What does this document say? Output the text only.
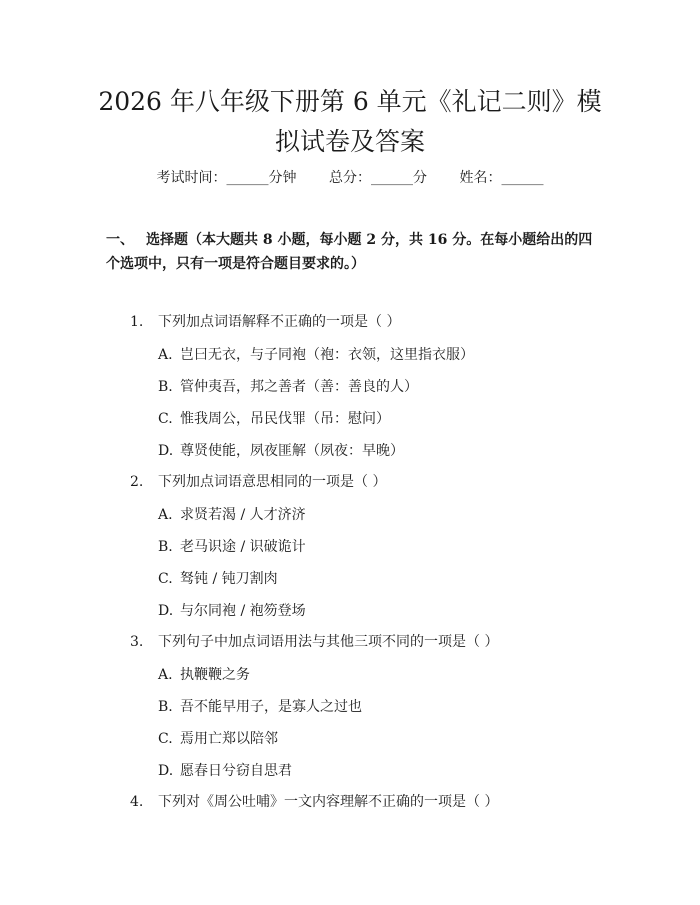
2026 年八年级下册第 6 单元《礼记二则》模拟试卷及答案
考试时间：______分钟 总分：______分 姓名：______
一、 选择题（本大题共 8 小题，每小题 2 分，共 16 分。在每小题给出的四个选项中，只有一项是符合题目要求的。）
1. 下列加点词语解释不正确的一项是（ ）
A. 岂曰无衣，与子同袍（袍：衣领，这里指衣服）
B. 管仲夷吾，邦之善者（善：善良的人）
C. 惟我周公，吊民伐罪（吊：慰问）
D. 尊贤使能，夙夜匪解（夙夜：早晚）
2. 下列加点词语意思相同的一项是（ ）
A. 求贤若渴 / 人才济济
B. 老马识途 / 识破诡计
C. 驽钝 / 钝刀割肉
D. 与尔同袍 / 袍笏登场
3. 下列句子中加点词语用法与其他三项不同的一项是（ ）
A. 执鞭鞭之务
B. 吾不能早用子，是寡人之过也
C. 焉用亡郑以陪邻
D. 愿春日兮窃自思君
4. 下列对《周公吐哺》一文内容理解不正确的一项是（ ）
